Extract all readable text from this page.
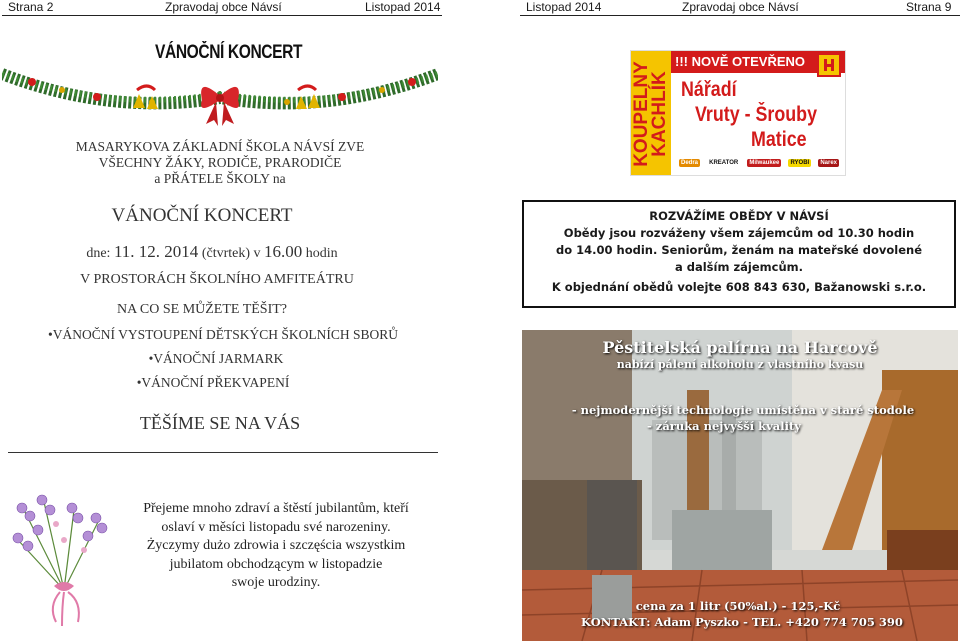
Strana 2	Zpravodaj obce Návsí	Listopad 2014	Listopad 2014	Zpravodaj obce Návsí	Strana 9
VÁNOČNÍ KONCERT
MASARYKOVA ZÁKLADNÍ ŠKOLA NÁVSÍ ZVE
VŠECHNY ŽÁKY, RODIČE, PRARODIČE
a PŘÁTELE ŠKOLY na
VÁNOČNÍ KONCERT
dne: 11. 12. 2014 (čtvrtek) v 16.00 hodin
V PROSTORÁCH ŠKOLNÍHO AMFITEÁTRU
NA CO SE MŮŽETE TĚŠIT?
•VÁNOČNÍ VYSTOUPENÍ DĚTSKÝCH ŠKOLNÍCH SBORŮ
•VÁNOČNÍ JARMARK
•VÁNOČNÍ PŘEKVAPENÍ
TĚŠÍME SE NA VÁS
Přejeme mnoho zdraví a štěstí jubilantům, kteří
oslaví v měsíci listopadu své narozeniny.
Życzymy dużo zdrowia i szczęścia wszystkim
jubilatom obchodzącym w listopadzie
swoje urodziny.
KOUPELNY
KACHLÍK
!!! NOVĚ OTEVŘENO
Nářadí
Vruty - Šrouby
Matice
Dedra	KREATOR	Milwaukee	RYOBI	Narex

ROZVÁŽÍME OBĚDY V NÁVSÍ

Obědy jsou rozváženy všem zájemcům od 10.30 hodin

do 14.00 hodin. Seniorům, ženám na mateřské dovolené

a dalším zájemcům.

K objednání obědů volejte 608 843 630, Bažanowski s.r.o.

Pěstitelská palírna na Harcově
nabízí pálení alkoholu z vlastního kvasu
- nejmodernější technologie umístěna v staré stodole
- záruka nejvyšší kvality
cena za 1 litr (50%al.) - 125,-Kč
KONTAKT: Adam Pyszko - TEL. +420 774 705 390
